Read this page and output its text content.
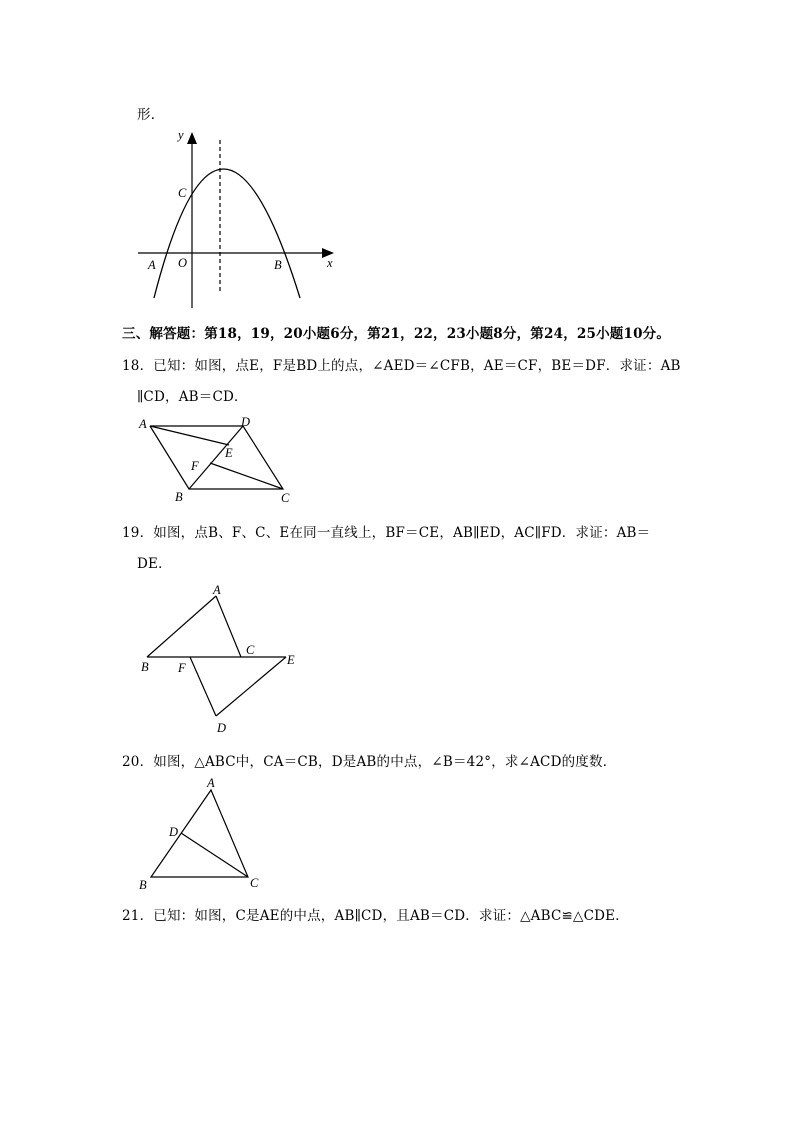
形．
y
x
C
O
A	B
三、解答题：第18，19，20小题6分，第21，22，23小题8分，第24，25小题10分。
18．已知：如图，点E，F是BD上的点，∠AED＝∠CFB，AE＝CF，BE＝DF．求证：AB
∥CD，AB＝CD．
A	D
E
F
B	C
19．如图，点B、F、C、E在同一直线上，BF＝CE，AB∥ED，AC∥FD．求证：AB＝
DE．
A
C
E
B F
D
20．如图，△ABC中，CA＝CB，D是AB的中点，∠B＝42°，求∠ACD的度数．
A
D
B	C
21．已知：如图，C是AE的中点，AB∥CD，且AB＝CD．求证：△ABC≌△CDE．
